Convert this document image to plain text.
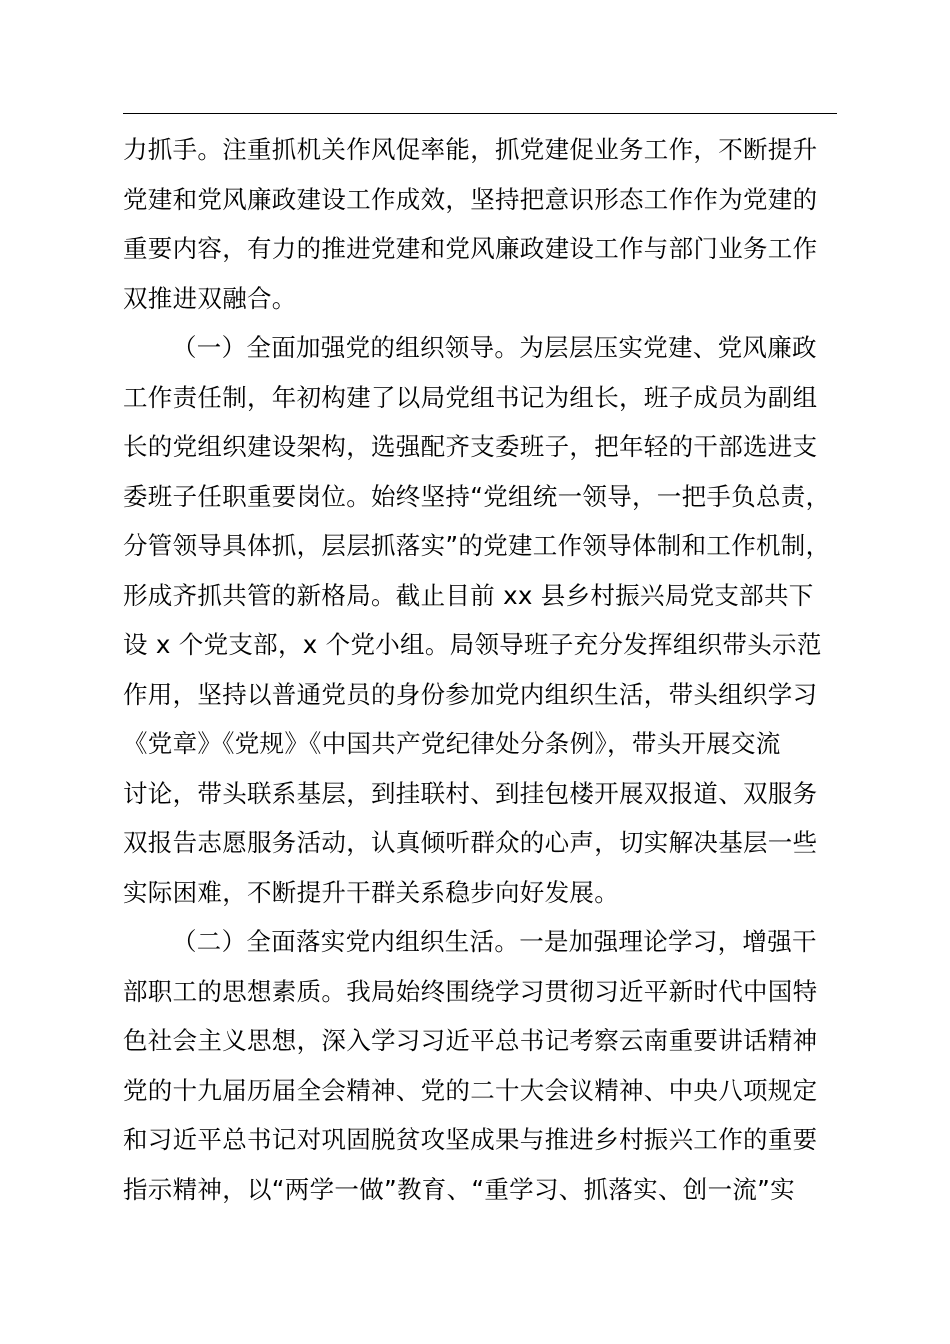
力抓手。注重抓机关作风促率能，抓党建促业务工作，不断提升
党建和党风廉政建设工作成效，坚持把意识形态工作作为党建的
重要内容，有力的推进党建和党风廉政建设工作与部门业务工作
双推进双融合。
（一）全面加强党的组织领导。为层层压实党建、党风廉政
工作责任制，年初构建了以局党组书记为组长，班子成员为副组
长的党组织建设架构，选强配齐支委班子，把年轻的干部选进支
委班子任职重要岗位。始终坚持“党组统一领导，一把手负总责，
分管领导具体抓，层层抓落实”的党建工作领导体制和工作机制，
形成齐抓共管的新格局。截止目前 xx 县乡村振兴局党支部共下
设 x 个党支部，x 个党小组。局领导班子充分发挥组织带头示范
作用，坚持以普通党员的身份参加党内组织生活，带头组织学习
《党章》《党规》《中国共产党纪律处分条例》，带头开展交流
讨论，带头联系基层，到挂联村、到挂包楼开展双报道、双服务
双报告志愿服务活动，认真倾听群众的心声，切实解决基层一些
实际困难，不断提升干群关系稳步向好发展。
（二）全面落实党内组织生活。一是加强理论学习，增强干
部职工的思想素质。我局始终围绕学习贯彻习近平新时代中国特
色社会主义思想，深入学习习近平总书记考察云南重要讲话精神
党的十九届历届全会精神、党的二十大会议精神、中央八项规定
和习近平总书记对巩固脱贫攻坚成果与推进乡村振兴工作的重要
指示精神，以“两学一做”教育、“重学习、抓落实、创一流”实
